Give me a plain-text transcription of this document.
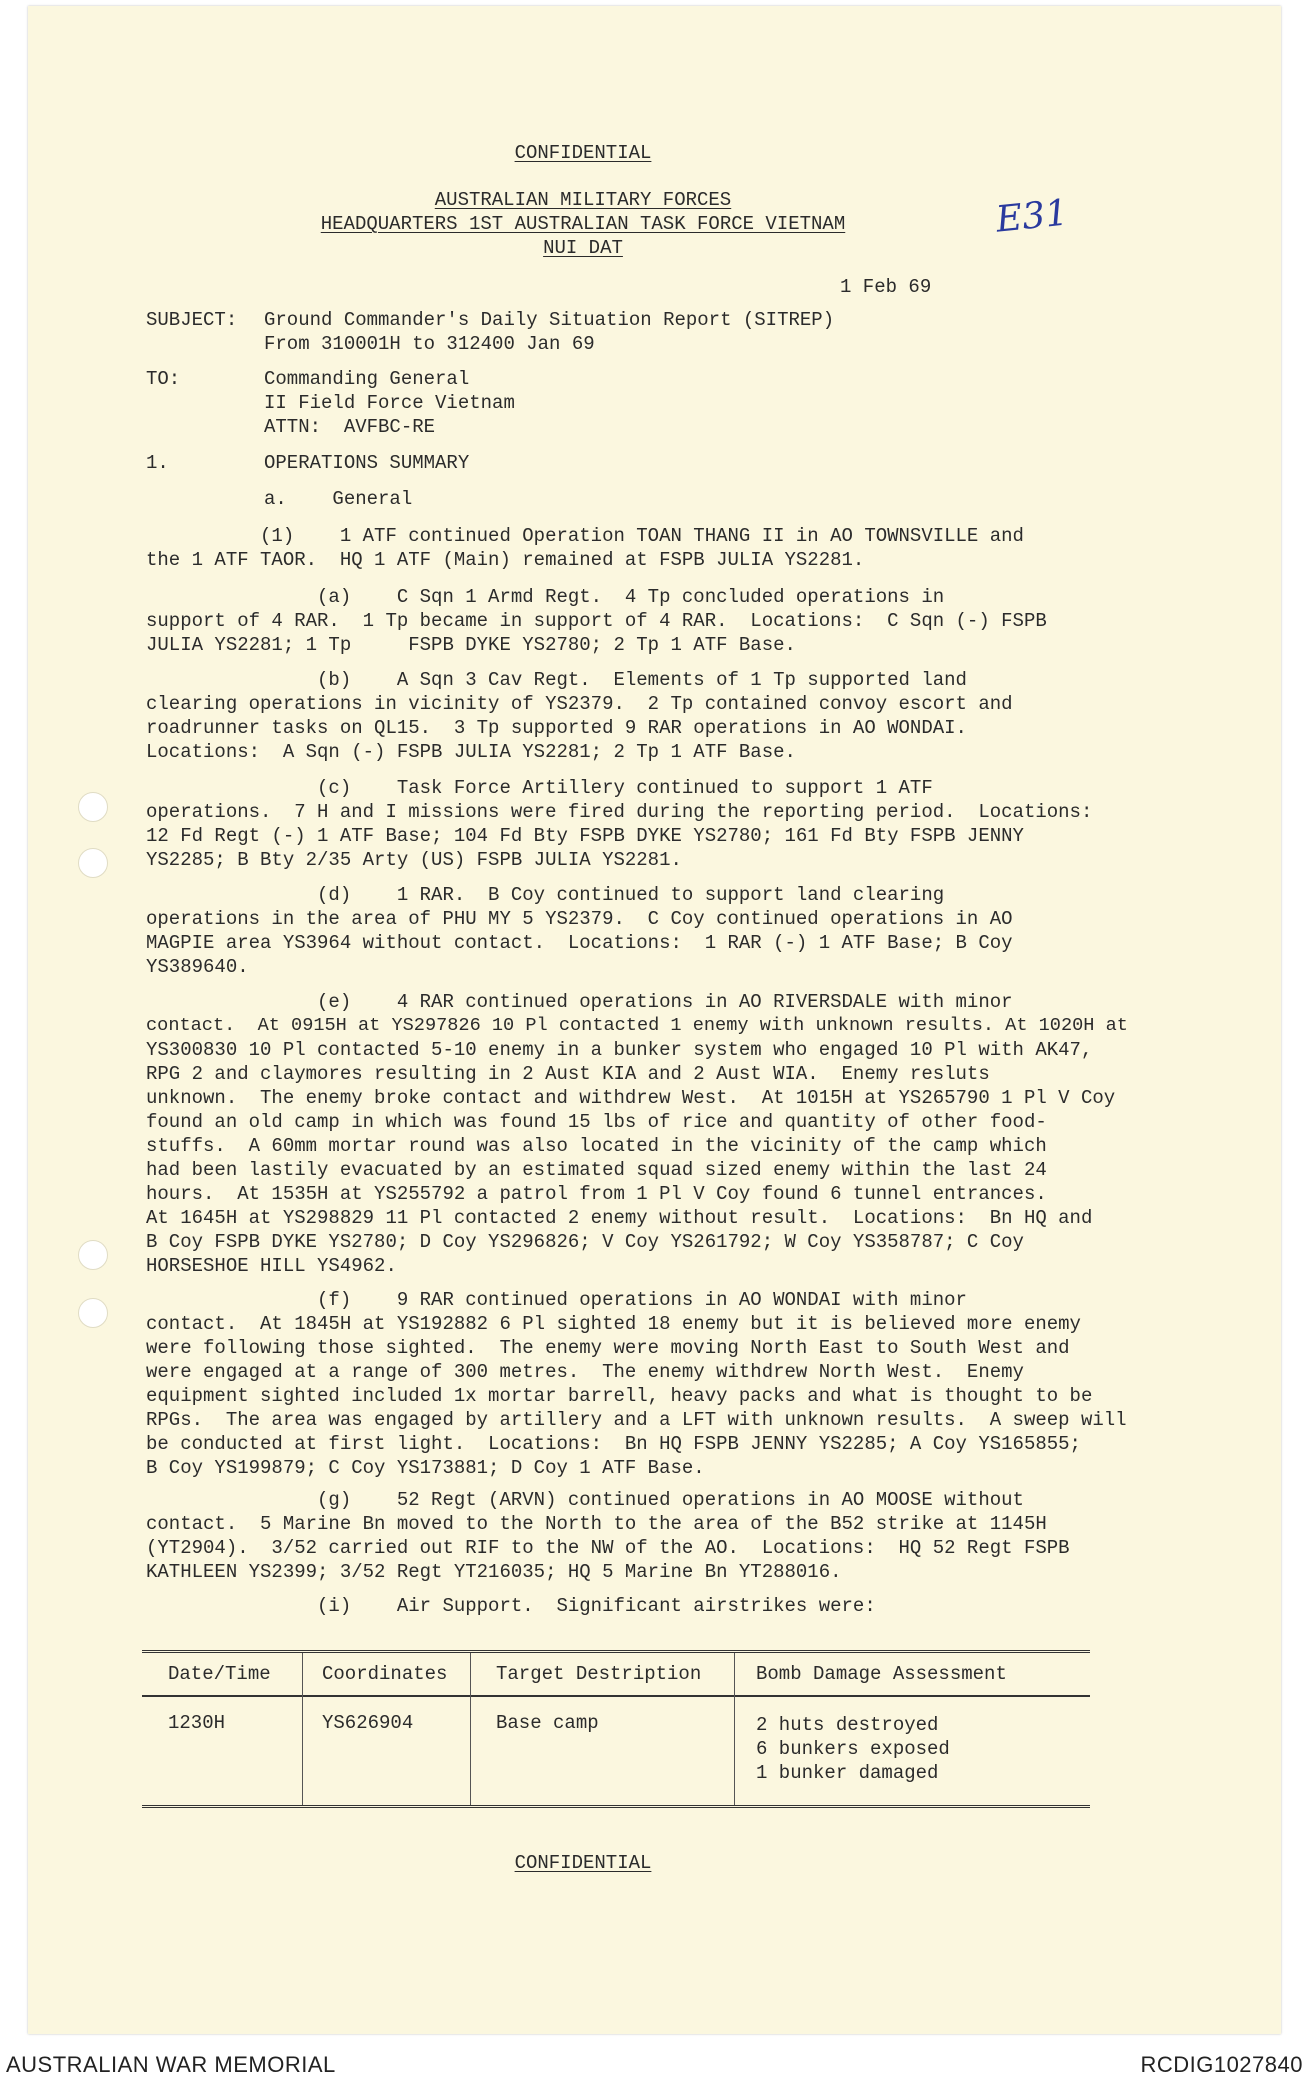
CONFIDENTIAL
AUSTRALIAN MILITARY FORCES
HEADQUARTERS 1ST AUSTRALIAN TASK FORCE VIETNAM
NUI DAT
E31
1 Feb 69
SUBJECT: Ground Commander's Daily Situation Report (SITREP)
From 310001H to 312400 Jan 69
TO:	Commanding General
II Field Force Vietnam
ATTN:  AVFBC-RE
1.	OPERATIONS SUMMARY
a.    General
(1)    1 ATF continued Operation TOAN THANG II in AO TOWNSVILLE and
the 1 ATF TAOR.  HQ 1 ATF (Main) remained at FSPB JULIA YS2281.
(a)    C Sqn 1 Armd Regt.  4 Tp concluded operations in
support of 4 RAR.  1 Tp became in support of 4 RAR.  Locations:  C Sqn (-) FSPB
JULIA YS2281; 1 Tp     FSPB DYKE YS2780; 2 Tp 1 ATF Base.
(b)    A Sqn 3 Cav Regt.  Elements of 1 Tp supported land
clearing operations in vicinity of YS2379.  2 Tp contained convoy escort and
roadrunner tasks on QL15.  3 Tp supported 9 RAR operations in AO WONDAI.
Locations:  A Sqn (-) FSPB JULIA YS2281; 2 Tp 1 ATF Base.
(c)    Task Force Artillery continued to support 1 ATF
operations.  7 H and I missions were fired during the reporting period.  Locations:
12 Fd Regt (-) 1 ATF Base; 104 Fd Bty FSPB DYKE YS2780; 161 Fd Bty FSPB JENNY
YS2285; B Bty 2/35 Arty (US) FSPB JULIA YS2281.
(d)    1 RAR.  B Coy continued to support land clearing
operations in the area of PHU MY 5 YS2379.  C Coy continued operations in AO
MAGPIE area YS3964 without contact.  Locations:  1 RAR (-) 1 ATF Base; B Coy
YS389640.
(e)    4 RAR continued operations in AO RIVERSDALE with minor
contact.  At 0915H at YS297826 10 Pl contacted 1 enemy with unknown results. At 1020H at
YS300830 10 Pl contacted 5-10 enemy in a bunker system who engaged 10 Pl with AK47,
RPG 2 and claymores resulting in 2 Aust KIA and 2 Aust WIA.  Enemy resluts
unknown.  The enemy broke contact and withdrew West.  At 1015H at YS265790 1 Pl V Coy
found an old camp in which was found 15 lbs of rice and quantity of other food-
stuffs.  A 60mm mortar round was also located in the vicinity of the camp which
had been lastily evacuated by an estimated squad sized enemy within the last 24
hours.  At 1535H at YS255792 a patrol from 1 Pl V Coy found 6 tunnel entrances.
At 1645H at YS298829 11 Pl contacted 2 enemy without result.  Locations:  Bn HQ and
B Coy FSPB DYKE YS2780; D Coy YS296826; V Coy YS261792; W Coy YS358787; C Coy
HORSESHOE HILL YS4962.
(f)    9 RAR continued operations in AO WONDAI with minor
contact.  At 1845H at YS192882 6 Pl sighted 18 enemy but it is believed more enemy
were following those sighted.  The enemy were moving North East to South West and
were engaged at a range of 300 metres.  The enemy withdrew North West.  Enemy
equipment sighted included 1x mortar barrell, heavy packs and what is thought to be
RPGs.  The area was engaged by artillery and a LFT with unknown results.  A sweep will
be conducted at first light.  Locations:  Bn HQ FSPB JENNY YS2285; A Coy YS165855;
B Coy YS199879; C Coy YS173881; D Coy 1 ATF Base.
(g)    52 Regt (ARVN) continued operations in AO MOOSE without
contact.  5 Marine Bn moved to the North to the area of the B52 strike at 1145H
(YT2904).  3/52 carried out RIF to the NW of the AO.  Locations:  HQ 52 Regt FSPB
KATHLEEN YS2399; 3/52 Regt YT216035; HQ 5 Marine Bn YT288016.
(i)    Air Support.  Significant airstrikes were:
Date/Time	Coordinates	Target Destription	Bomb Damage Assessment
1230H	YS626904	Base camp	2 huts destroyed
6 bunkers exposed
1 bunker damaged
CONFIDENTIAL
AUSTRALIAN WAR MEMORIAL	RCDIG1027840
